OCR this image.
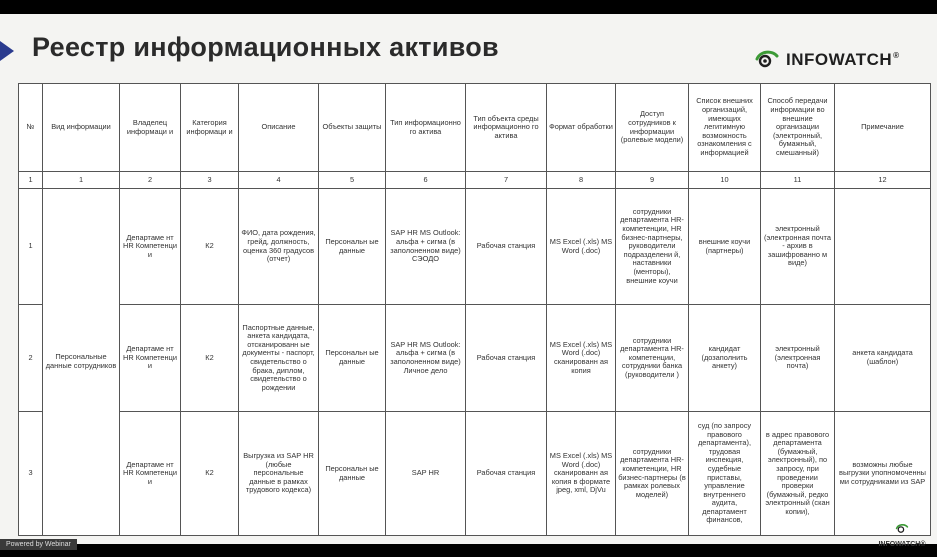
Реестр информационных активов	INFOWATCH®
№	Вид информации	Владелец информаци и	Категория информаци и	Описание	Объекты защиты	Тип информационно го актива	Тип объекта среды информационно го актива	Формат обработки	Доступ сотрудников к информации (ролевые модели)	Список внешних организаций, имеющих легитимную возможность ознакомления с информацией	Способ передачи информации во внешние организации (электронный, бумажный, смешанный)	Примечание
1	1	2	3	4	5	6	7	8	9	10	11	12
1	Персональные данные сотрудников	Департаме нт HR Компетенци и	К2	ФИО, дата рождения, грейд, должность, оценка 360 градусов (отчет)	Персональн ые данные	SAP HR MS Outlook: альфа + сигма (в заполоненном виде) СЭОДО	Рабочая станция	MS Excel (.xls) MS Word (.doc)	сотрудники департамента HR-компетенции, HR бизнес-партнеры, руководители подразделени й, наставники (менторы), внешние коучи	внешние коучи (партнеры)	электронный (электронная почта - архив в зашифрованно м виде)	
2		Департаме нт HR Компетенци и	К2	Паспортные данные, анкета кандидата, отсканированн ые документы - паспорт, свидетельство о брака, диплом, свидетельство о рождении	Персональн ые данные	SAP HR MS Outlook: альфа + сигма (в заполоненном виде) Личное дело	Рабочая станция	MS Excel (.xls) MS Word (.doc) сканированн ая копия	сотрудники департамента HR-компетенции, сотрудники банка (руководители )	кандидат (дозаполнить анкету)	электронный (электронная почта)	анкета кандидата (шаблон)
3		Департаме нт HR Компетенци и	К2	Выгрузка из SAP HR (любые персональные данные в рамках трудового кодекса)	Персональн ые данные	SAP HR	Рабочая станция	MS Excel (.xls) MS Word (.doc) сканированн ая копия в формате jpeg, xml, DjVu	сотрудники департамента HR-компетенции, HR бизнес-партнеры (в рамках ролевых моделей)	суд (по запросу правового департамента), трудовая инспекция, судебные приставы, управление внутреннего аудита, департамент финансов,	в адрес правового департамента (бумажный, электронный), по запросу, при проведении проверки (бумажный, редко электронный (скан копии),	возможны любые выгрузки упопномоченны ми сотрудниками из SAP
INFOWATCH®
Powered by Webinar
